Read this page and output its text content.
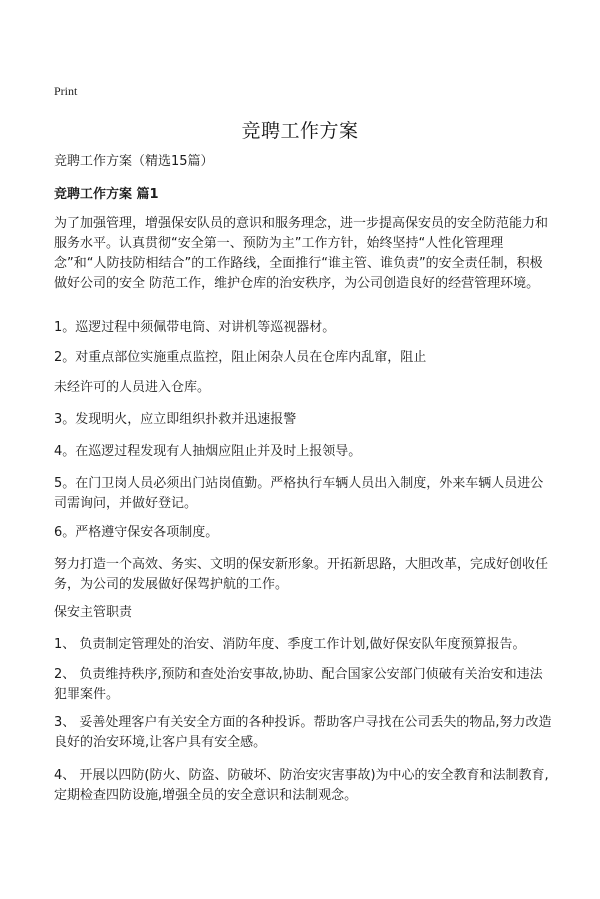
Print
竞聘工作方案

竞聘工作方案（精选15篇）

竞聘工作方案 篇1

为了加强管理，增强保安队员的意识和服务理念，进一步提高保安员的安全防范能力和服务水平。认真贯彻“安全第一、预防为主”工作方针，始终坚持“人性化管理理念”和“人防技防相结合”的工作路线，全面推行“谁主管、谁负责”的安全责任制，积极做好公司的安全 防范工作，维护仓库的治安秩序，为公司创造良好的经营管理环境。

1。巡逻过程中须佩带电筒、对讲机等巡视器材。

2。对重点部位实施重点监控，阻止闲杂人员在仓库内乱窜，阻止

未经许可的人员进入仓库。

3。发现明火，应立即组织扑救并迅速报警

4。在巡逻过程发现有人抽烟应阻止并及时上报领导。

5。在门卫岗人员必须出门站岗值勤。严格执行车辆人员出入制度，外来车辆人员进公司需询问，并做好登记。

6。严格遵守保安各项制度。

努力打造一个高效、务实、文明的保安新形象。开拓新思路，大胆改革，完成好创收任务，为公司的发展做好保驾护航的工作。

保安主管职责

1、 负责制定管理处的治安、消防年度、季度工作计划,做好保安队年度预算报告。

2、 负责维持秩序,预防和查处治安事故,协助、配合国家公安部门侦破有关治安和违法犯罪案件。

3、 妥善处理客户有关安全方面的各种投诉。帮助客户寻找在公司丢失的物品,努力改造良好的治安环境,让客户具有安全感。

4、 开展以四防(防火、防盗、防破坏、防治安灾害事故)为中心的安全教育和法制教育,定期检查四防设施,增强全员的安全意识和法制观念。
